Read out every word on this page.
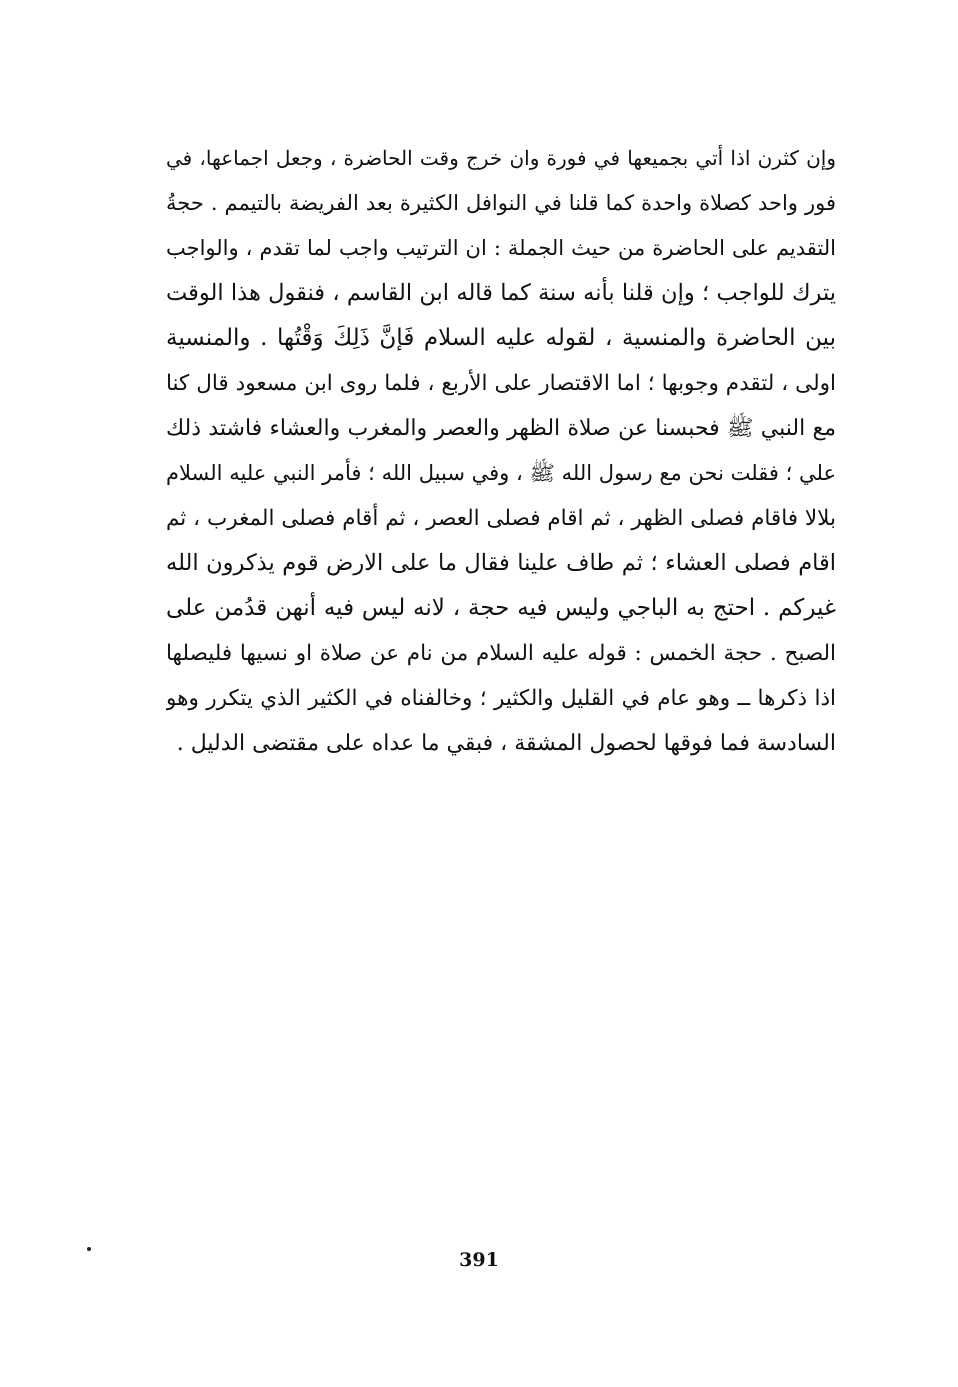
وإن كثرن اذا أتي بجميعها في فورة وان خرج وقت الحاضرة ، وجعل اجماعها، في
فور واحد كصلاة واحدة كما قلنا في النوافل الكثيرة بعد الفريضة بالتيمم . حجةُ
التقديم على الحاضرة من حيث الجملة : ان الترتيب واجب لما تقدم ، والواجب
يترك للواجب ؛ وإن قلنا بأنه سنة كما قاله ابن القاسم ، فنقول هذا الوقت
بين الحاضرة والمنسية ، لقوله عليه السلام فَإنَّ ذَلِكَ وَقْتُها . والمنسية
اولى ، لتقدم وجوبها ؛ اما الاقتصار على الأربع ، فلما روى ابن مسعود قال كنا
مع النبي ﷺ فحبسنا عن صلاة الظهر والعصر والمغرب والعشاء فاشتد ذلك
علي ؛ فقلت نحن مع رسول الله ﷺ ، وفي سبيل الله ؛ فأمر النبي عليه السلام
بلالا فاقام فصلى الظهر ، ثم اقام فصلى العصر ، ثم أقام فصلى المغرب ، ثم
اقام فصلى العشاء ؛ ثم طاف علينا فقال ما على الارض قوم يذكرون الله
غيركم . احتج به الباجي وليس فيه حجة ، لانه ليس فيه أنهن قدُمن على
الصبح . حجة الخمس : قوله عليه السلام من نام عن صلاة او نسيها فليصلها
اذا ذكرها ــ وهو عام في القليل والكثير ؛ وخالفناه في الكثير الذي يتكرر وهو
السادسة فما فوقها لحصول المشقة ، فبقي ما عداه على مقتضى الدليل .
391
